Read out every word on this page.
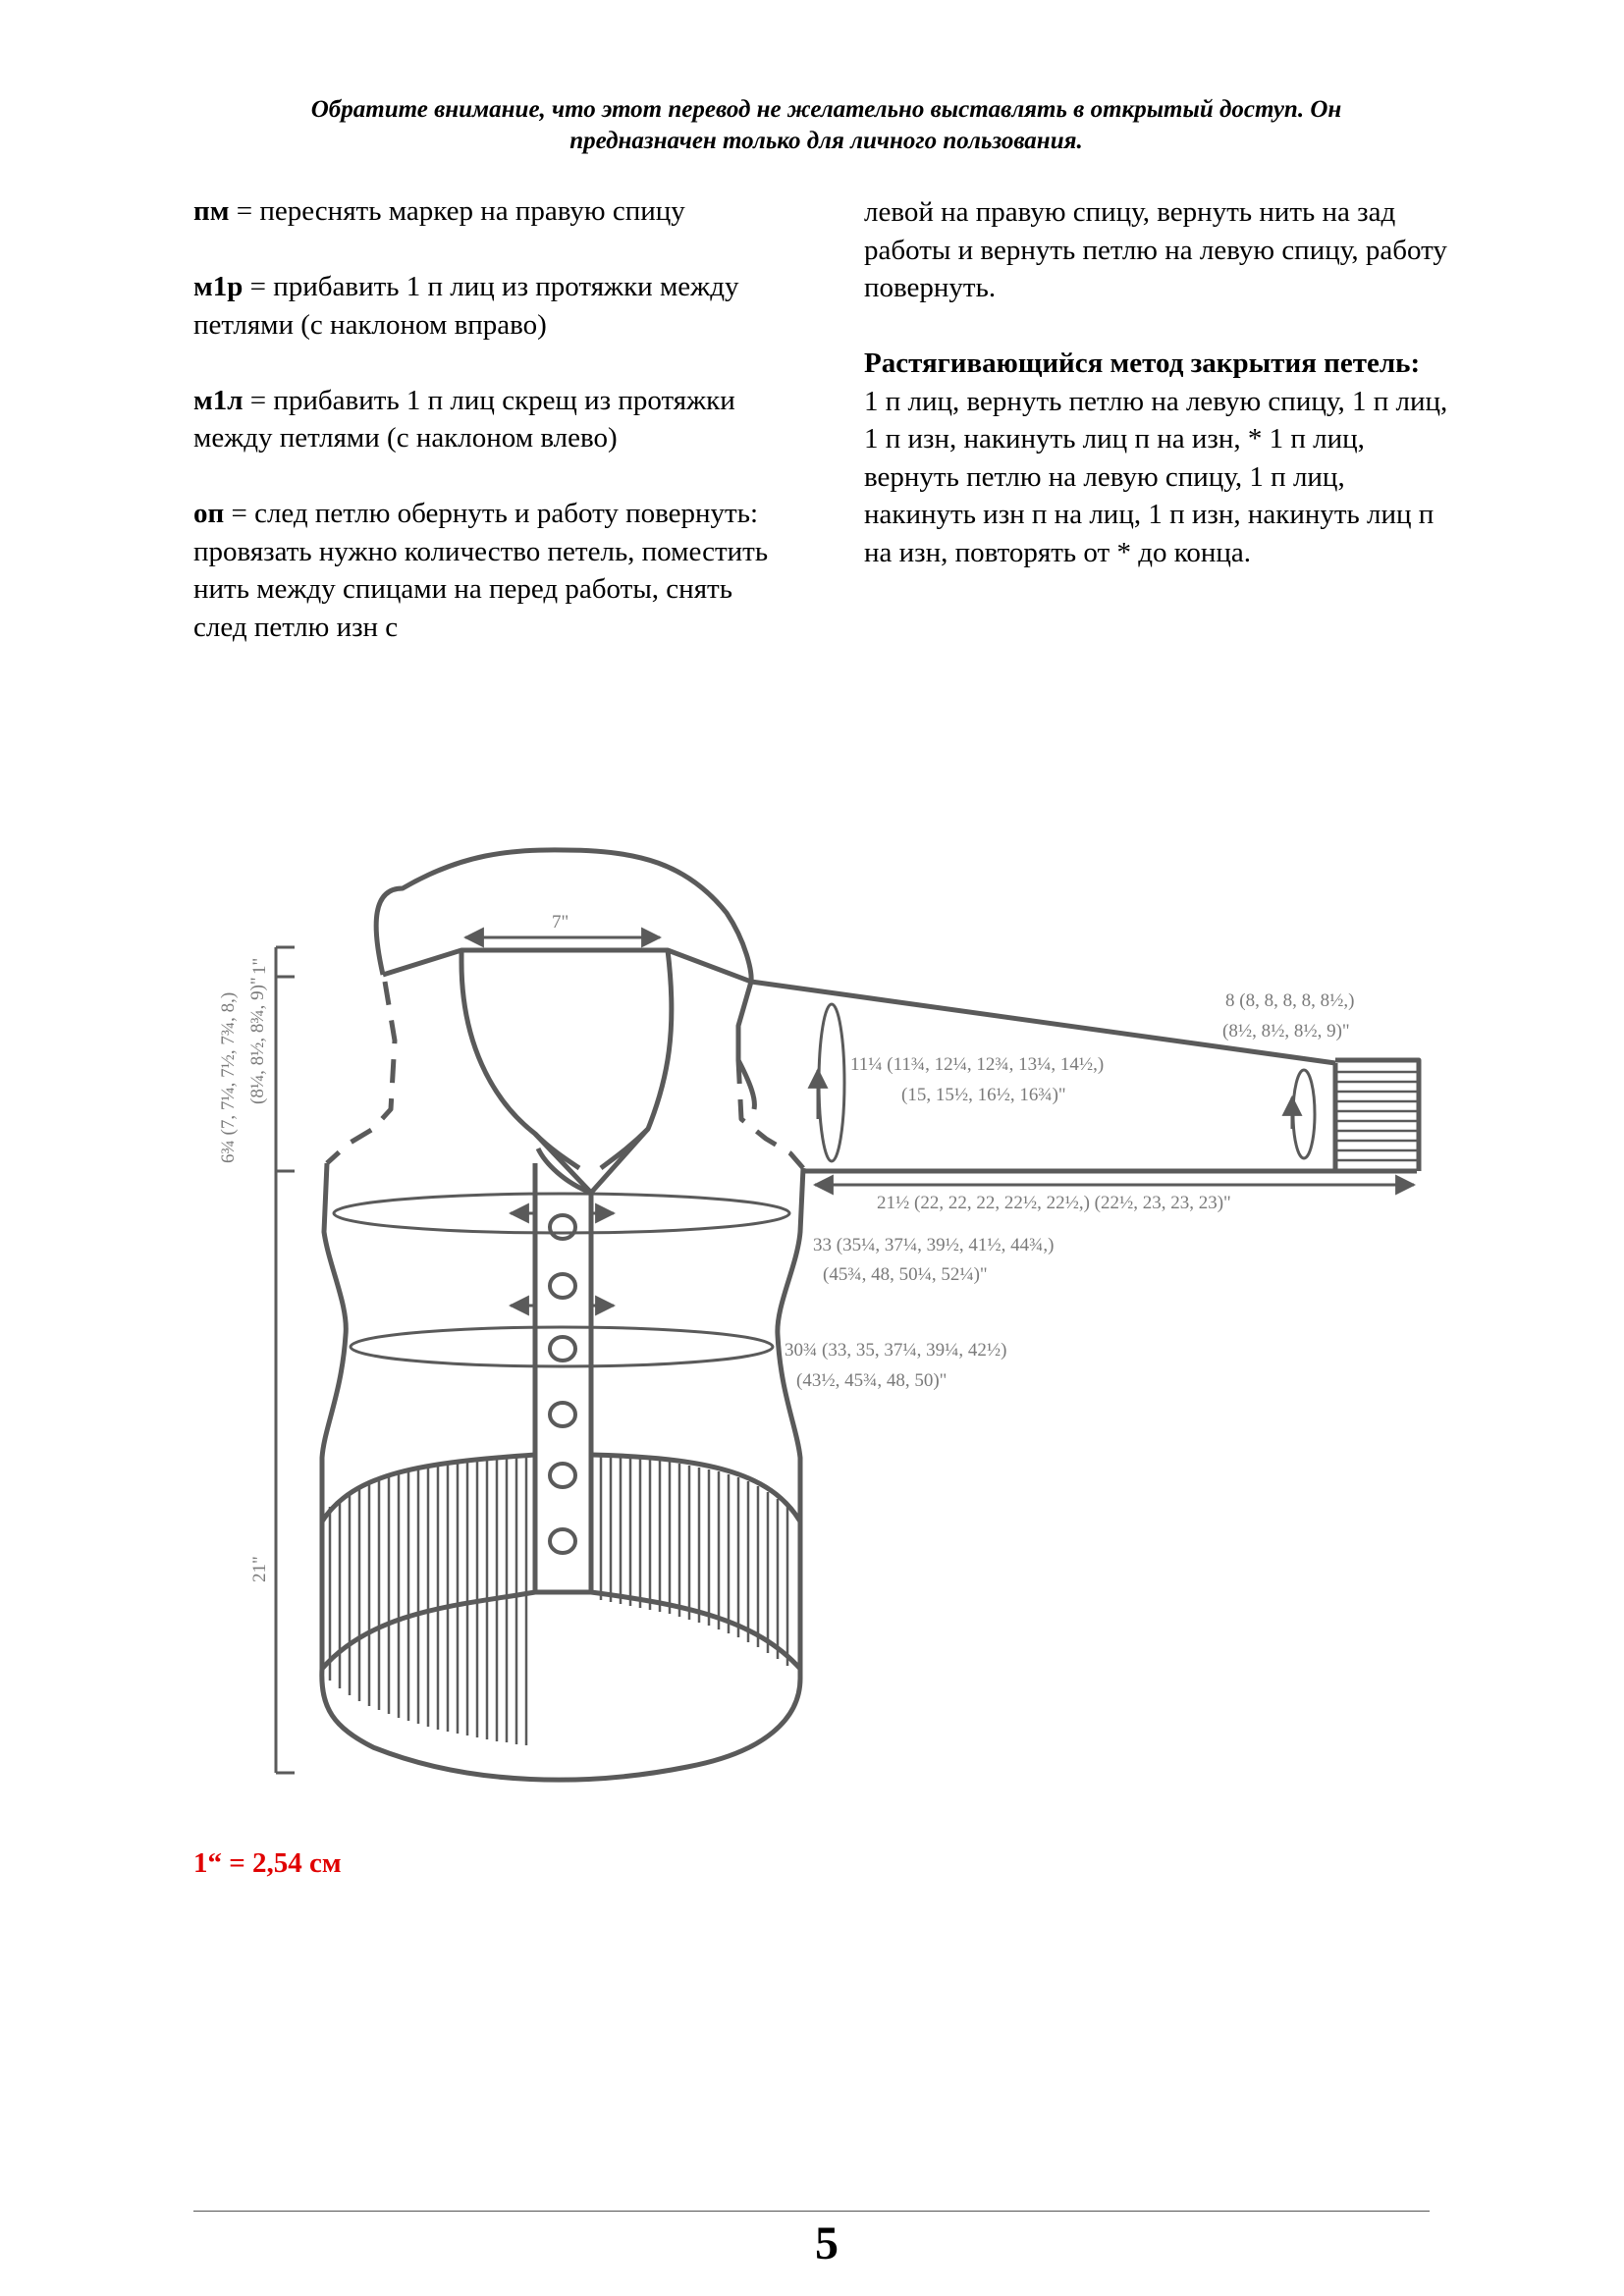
Обратите внимание, что этот перевод не желательно выставлять в открытый доступ. Он
предназначен только для личного пользования.

пм = переснять маркер на правую спицу

м1р = прибавить 1 п лиц из протяжки между петлями (с наклоном вправо)

м1л = прибавить 1 п лиц скрещ из протяжки между петлями (с наклоном влево)

оп = след петлю обернуть и работу повернуть: провязать нужно количество петель, поместить нить между спицами на перед работы, снять след петлю изн с

левой на правую спицу, вернуть нить на зад работы и вернуть петлю на левую спицу, работу повернуть.

Растягивающийся метод закрытия петель:
1 п лиц, вернуть петлю на левую спицу, 1 п лиц, 1 п изн, накинуть лиц п на изн, * 1 п лиц, вернуть петлю на левую спицу, 1 п лиц, накинуть изн п на лиц, 1 п изн, накинуть лиц п на изн, повторять от * до конца.

7"
1"
6¾ (7, 7¼, 7½, 7¾, 8,) (8¼, 8½, 8¾, 9)"
21"
8 (8, 8, 8, 8, 8½,)
(8½, 8½, 8½, 9)"
11¼ (11¾, 12¼, 12¾, 13¼, 14½,)
(15, 15½, 16½, 16¾)"
21½ (22, 22, 22, 22½, 22½,) (22½, 23, 23, 23)"
33 (35¼, 37¼, 39½, 41½, 44¾,)
(45¾, 48, 50¼, 52¼)"
30¾ (33, 35, 37¼, 39¼, 42½)
(43½, 45¾, 48, 50)"
1“ = 2,54 см
5
